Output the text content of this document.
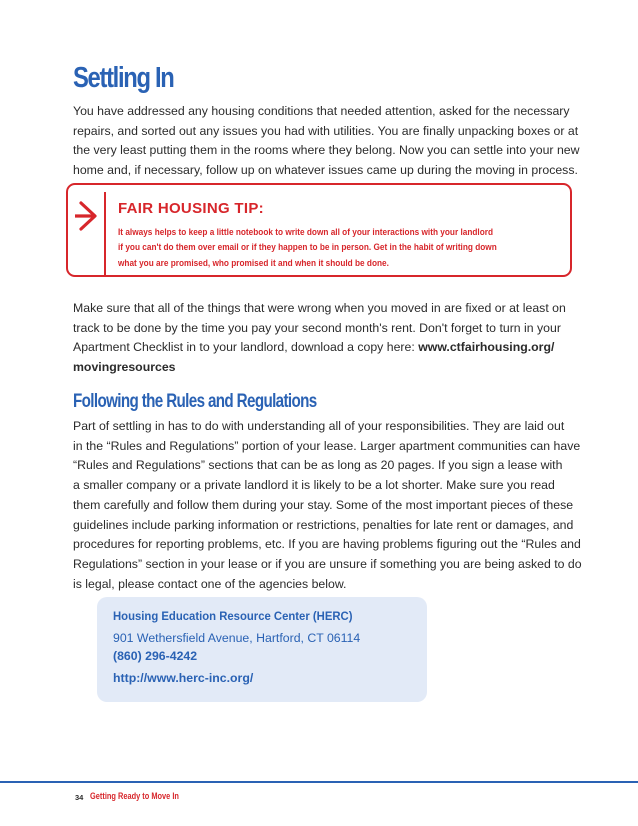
Settling In

You have addressed any housing conditions that needed attention, asked for the necessary
repairs, and sorted out any issues you had with utilities. You are finally unpacking boxes or at
the very least putting them in the rooms where they belong. Now you can settle into your new
home and, if necessary, follow up on whatever issues came up during the moving in process.

FAIR HOUSING TIP:
It always helps to keep a little notebook to write down all of your interactions with your landlord
if you can't do them over email or if they happen to be in person. Get in the habit of writing down
what you are promised, who promised it and when it should be done.

Make sure that all of the things that were wrong when you moved in are fixed or at least on
track to be done by the time you pay your second month's rent. Don't forget to turn in your
Apartment Checklist in to your landlord, download a copy here: www.ctfairhousing.org/
movingresources

Following the Rules and Regulations

Part of settling in has to do with understanding all of your responsibilities. They are laid out
in the “Rules and Regulations” portion of your lease. Larger apartment communities can have
“Rules and Regulations” sections that can be as long as 20 pages. If you sign a lease with
a smaller company or a private landlord it is likely to be a lot shorter. Make sure you read
them carefully and follow them during your stay. Some of the most important pieces of these
guidelines include parking information or restrictions, penalties for late rent or damages, and
procedures for reporting problems, etc. If you are having problems figuring out the “Rules and
Regulations” section in your lease or if you are unsure if something you are being asked to do
is legal, please contact one of the agencies below.

Housing Education Resource Center (HERC)
901 Wethersfield Avenue, Hartford, CT 06114
(860) 296-4242
http://www.herc-inc.org/
34 Getting Ready to Move In
